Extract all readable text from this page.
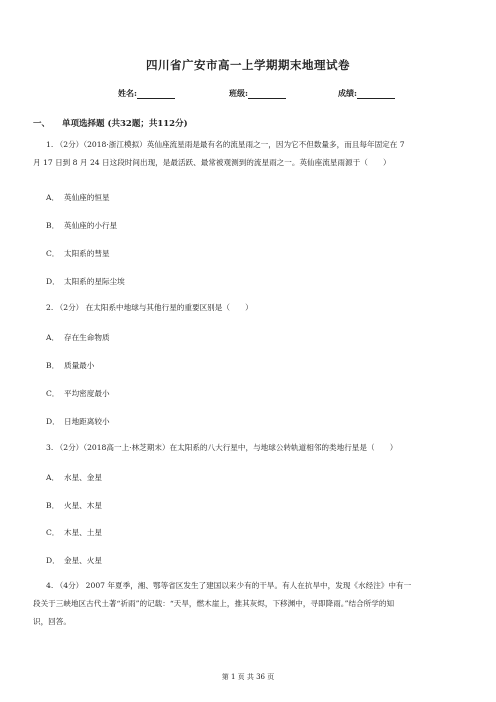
四川省广安市高一上学期期末地理试卷
姓名:	班级:	成绩:
一、 单项选择题 (共32题；共112分)
1. （2分）（2018·浙江模拟）英仙座流星雨是最有名的流星雨之一，因为它不但数量多，而且每年固定在 7
月 17 日到 8 月 24 日这段时间出现，是最活跃、最常被观测到的流星雨之一。英仙座流星雨源于（　　）
A． 英仙座的恒星
B． 英仙座的小行星
C． 太阳系的彗星
D． 太阳系的星际尘埃
2. （2分） 在太阳系中地球与其他行星的重要区别是（　　）
A． 存在生命物质
B． 质量最小
C． 平均密度最小
D． 日地距离较小
3. （2分）（2018高一上·林芝期末）在太阳系的八大行星中，与地球公转轨道相邻的类地行星是（　　）
A． 水星、金星
B． 火星、木星
C． 木星、土星
D． 金星、火星
4. （4分） 2007 年夏季，湘、鄂等省区发生了建国以来少有的干旱。有人在抗旱中，发现《水经注》中有一
段关于三峡地区古代土著“祈雨”的记载：“天旱，燃木崖上，推其灰烬，下移渊中，寻即降雨。”结合所学的知
识，回答。
第 1 页 共 36 页
